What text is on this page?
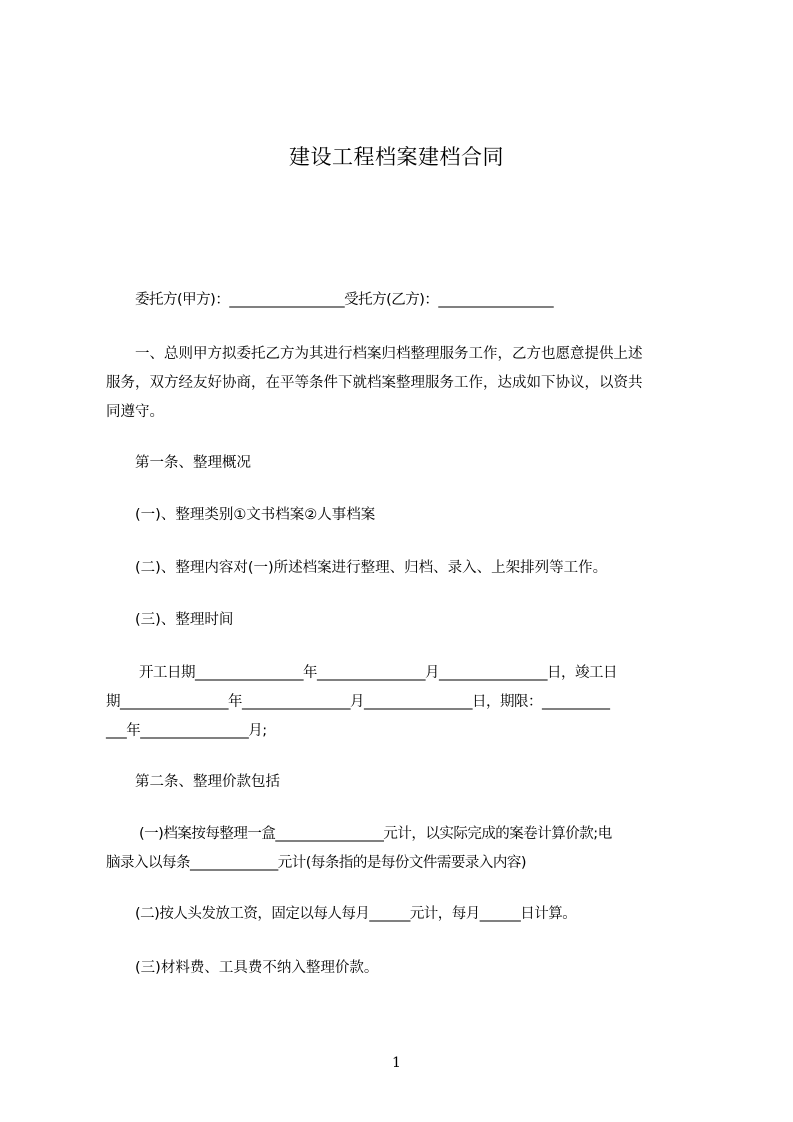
建设工程档案建档合同

委托方(甲方)：_________________受托方(乙方)：_________________

一、总则甲方拟委托乙方为其进行档案归档整理服务工作，乙方也愿意提供上述
服务，双方经友好协商，在平等条件下就档案整理服务工作，达成如下协议，以资共
同遵守。

第一条、整理概况

(一)、整理类别①文书档案②人事档案

(二)、整理内容对(一)所述档案进行整理、归档、录入、上架排列等工作。

(三)、整理时间

开工日期________________年________________月________________日，竣工日
期________________年________________月________________日，期限：__________
___年________________月;

第二条、整理价款包括

(一)档案按每整理一盒________________元计，以实际完成的案卷计算价款;电
脑录入以每条_____________元计(每条指的是每份文件需要录入内容)

(二)按人头发放工资，固定以每人每月______元计，每月______日计算。

(三)材料费、工具费不纳入整理价款。

1
